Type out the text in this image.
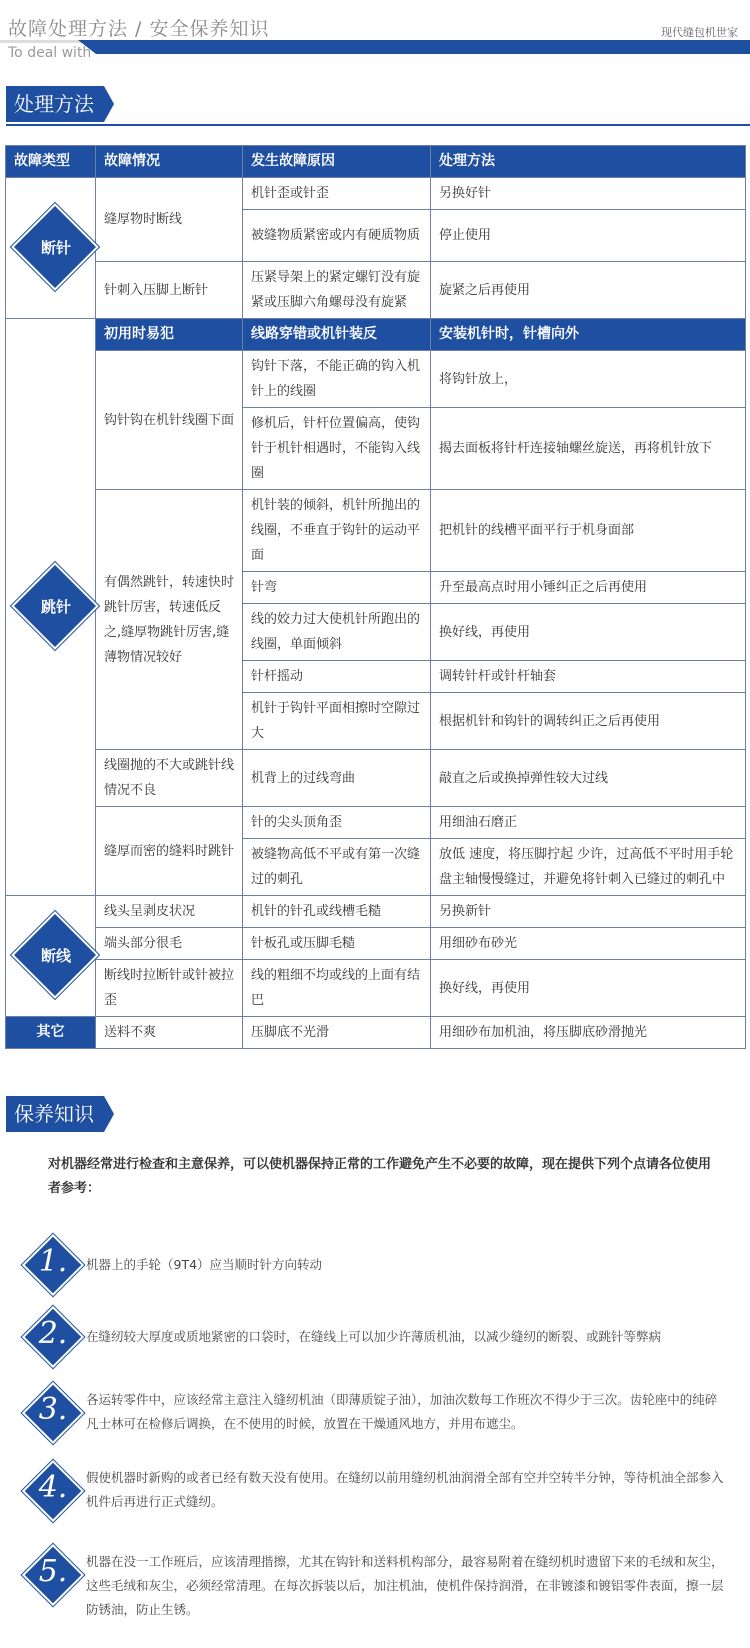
故障处理方法 / 安全保养知识	现代缝包机世家
To deal with
处理方法
故障类型	故障情况	发生故障原因	处理方法

断针	缝厚物时断线	机针歪或针歪	另换好针
		被缝物质紧密或内有硬质物质	停止使用
	针刺入压脚上断针	压紧导架上的紧定螺钉没有旋紧或压脚六角螺母没有旋紧	旋紧之后再使用

跳针	初用时易犯	线路穿错或机针装反	安装机针时，针槽向外
	钩针钩在机针线圈下面	钩针下落，不能正确的钩入机针上的线圈	将钩针放上，
		修机后，针杆位置偏高，使钩针于机针相遇时，不能钩入线圈	揭去面板将针杆连接轴螺丝旋送，再将机针放下
	有偶然跳针，转速快时跳针厉害，转速低反之,缝厚物跳针厉害,缝薄物情况较好	机针装的倾斜，机针所抛出的线圈，不垂直于钩针的运动平面	把机针的线槽平面平行于机身面部
		针弯	升至最高点时用小锤纠正之后再使用
		线的姣力过大使机针所跑出的线圈，单面倾斜	换好线，再使用
		针杆摇动	调转针杆或针杆轴套
		机针于钩针平面相擦时空隙过大	根据机针和钩针的调转纠正之后再使用
	线圈抛的不大或跳针线情况不良	机背上的过线弯曲	敲直之后或换掉弹性较大过线
	缝厚而密的缝料时跳针	针的尖头顶角歪	用细油石磨正
		被缝物高低不平或有第一次缝过的刺孔	放低 速度，将压脚拧起 少许，过高低不平时用手轮盘主轴慢慢缝过，并避免将针刺入已缝过的刺孔中

断线	线头呈剥皮状况	机针的针孔或线槽毛糙	另换新针
	端头部分很毛	针板孔或压脚毛糙	用细砂布砂光
	断线时拉断针或针被拉歪	线的粗细不均或线的上面有结巴	换好线，再使用
其它	送料不爽	压脚底不光滑	用细砂布加机油，将压脚底砂滑抛光
保养知识
对机器经常进行检查和主意保养，可以使机器保持正常的工作避免产生不必要的故障，现在提供下列个点请各位使用者参考：
1.	机器上的手轮（9T4）应当顺时针方向转动
2.	在缝纫较大厚度或质地紧密的口袋时，在缝线上可以加少许薄质机油，以减少缝纫的断裂、或跳针等弊病
3.	各运转零件中，应该经常主意注入缝纫机油（即薄质锭子油），加油次数每工作班次不得少于三次。齿轮座中的纯碎凡士林可在检修后调换，在不使用的时候，放置在干燥通风地方，并用布遮尘。
4.	假使机器时新购的或者已经有数天没有使用。在缝纫以前用缝纫机油润滑全部有空并空转半分钟，等待机油全部参入机件后再进行正式缝纫。
5.	机器在没一工作班后，应该清理揩擦，尤其在钩针和送料机构部分，最容易附着在缝纫机时遗留下来的毛绒和灰尘，这些毛绒和灰尘，必须经常清理。在每次拆装以后，加注机油，使机件保持润滑，在非镀漆和镀铝零件表面，擦一层防锈油，防止生锈。
